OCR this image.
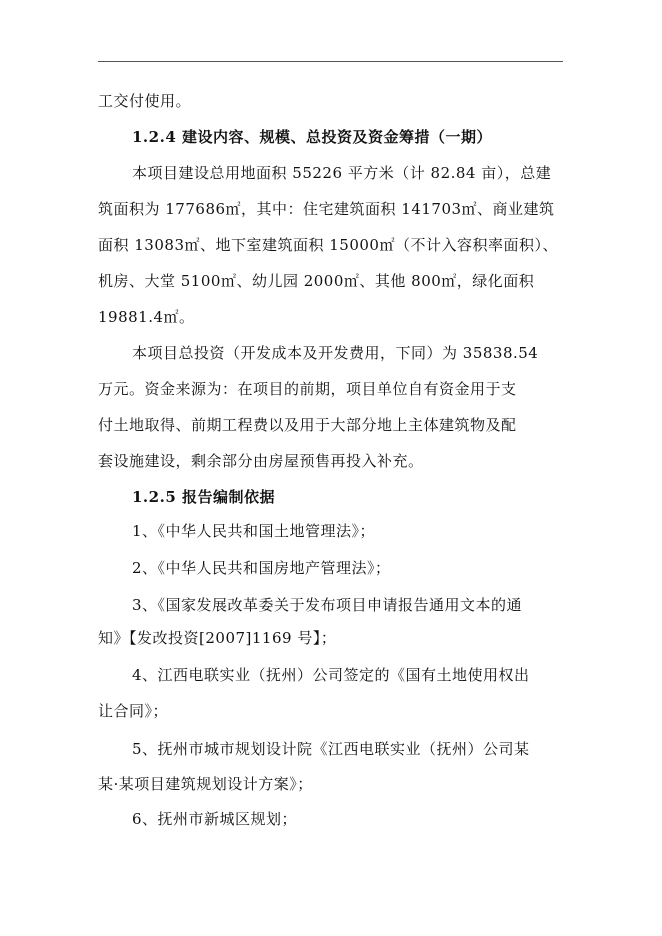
工交付使用。
1.2.4 建设内容、规模、总投资及资金筹措（一期）
本项目建设总用地面积 55226 平方米（计 82.84 亩），总建
筑面积为 177686㎡，其中：住宅建筑面积 141703㎡、商业建筑
面积 13083㎡、地下室建筑面积 15000㎡（不计入容积率面积）、
机房、大堂 5100㎡、幼儿园 2000㎡、其他 800㎡，绿化面积
19881.4㎡。
本项目总投资（开发成本及开发费用，下同）为 35838.54
万元。资金来源为：在项目的前期，项目单位自有资金用于支
付土地取得、前期工程费以及用于大部分地上主体建筑物及配
套设施建设，剩余部分由房屋预售再投入补充。
1.2.5 报告编制依据
1、《中华人民共和国土地管理法》；
2、《中华人民共和国房地产管理法》；
3、《国家发展改革委关于发布项目申请报告通用文本的通
知》【发改投资[2007]1169 号】；
4、江西电联实业（抚州）公司签定的《国有土地使用权出
让合同》；
5、抚州市城市规划设计院《江西电联实业（抚州）公司某
某·某项目建筑规划设计方案》；
6、抚州市新城区规划；
